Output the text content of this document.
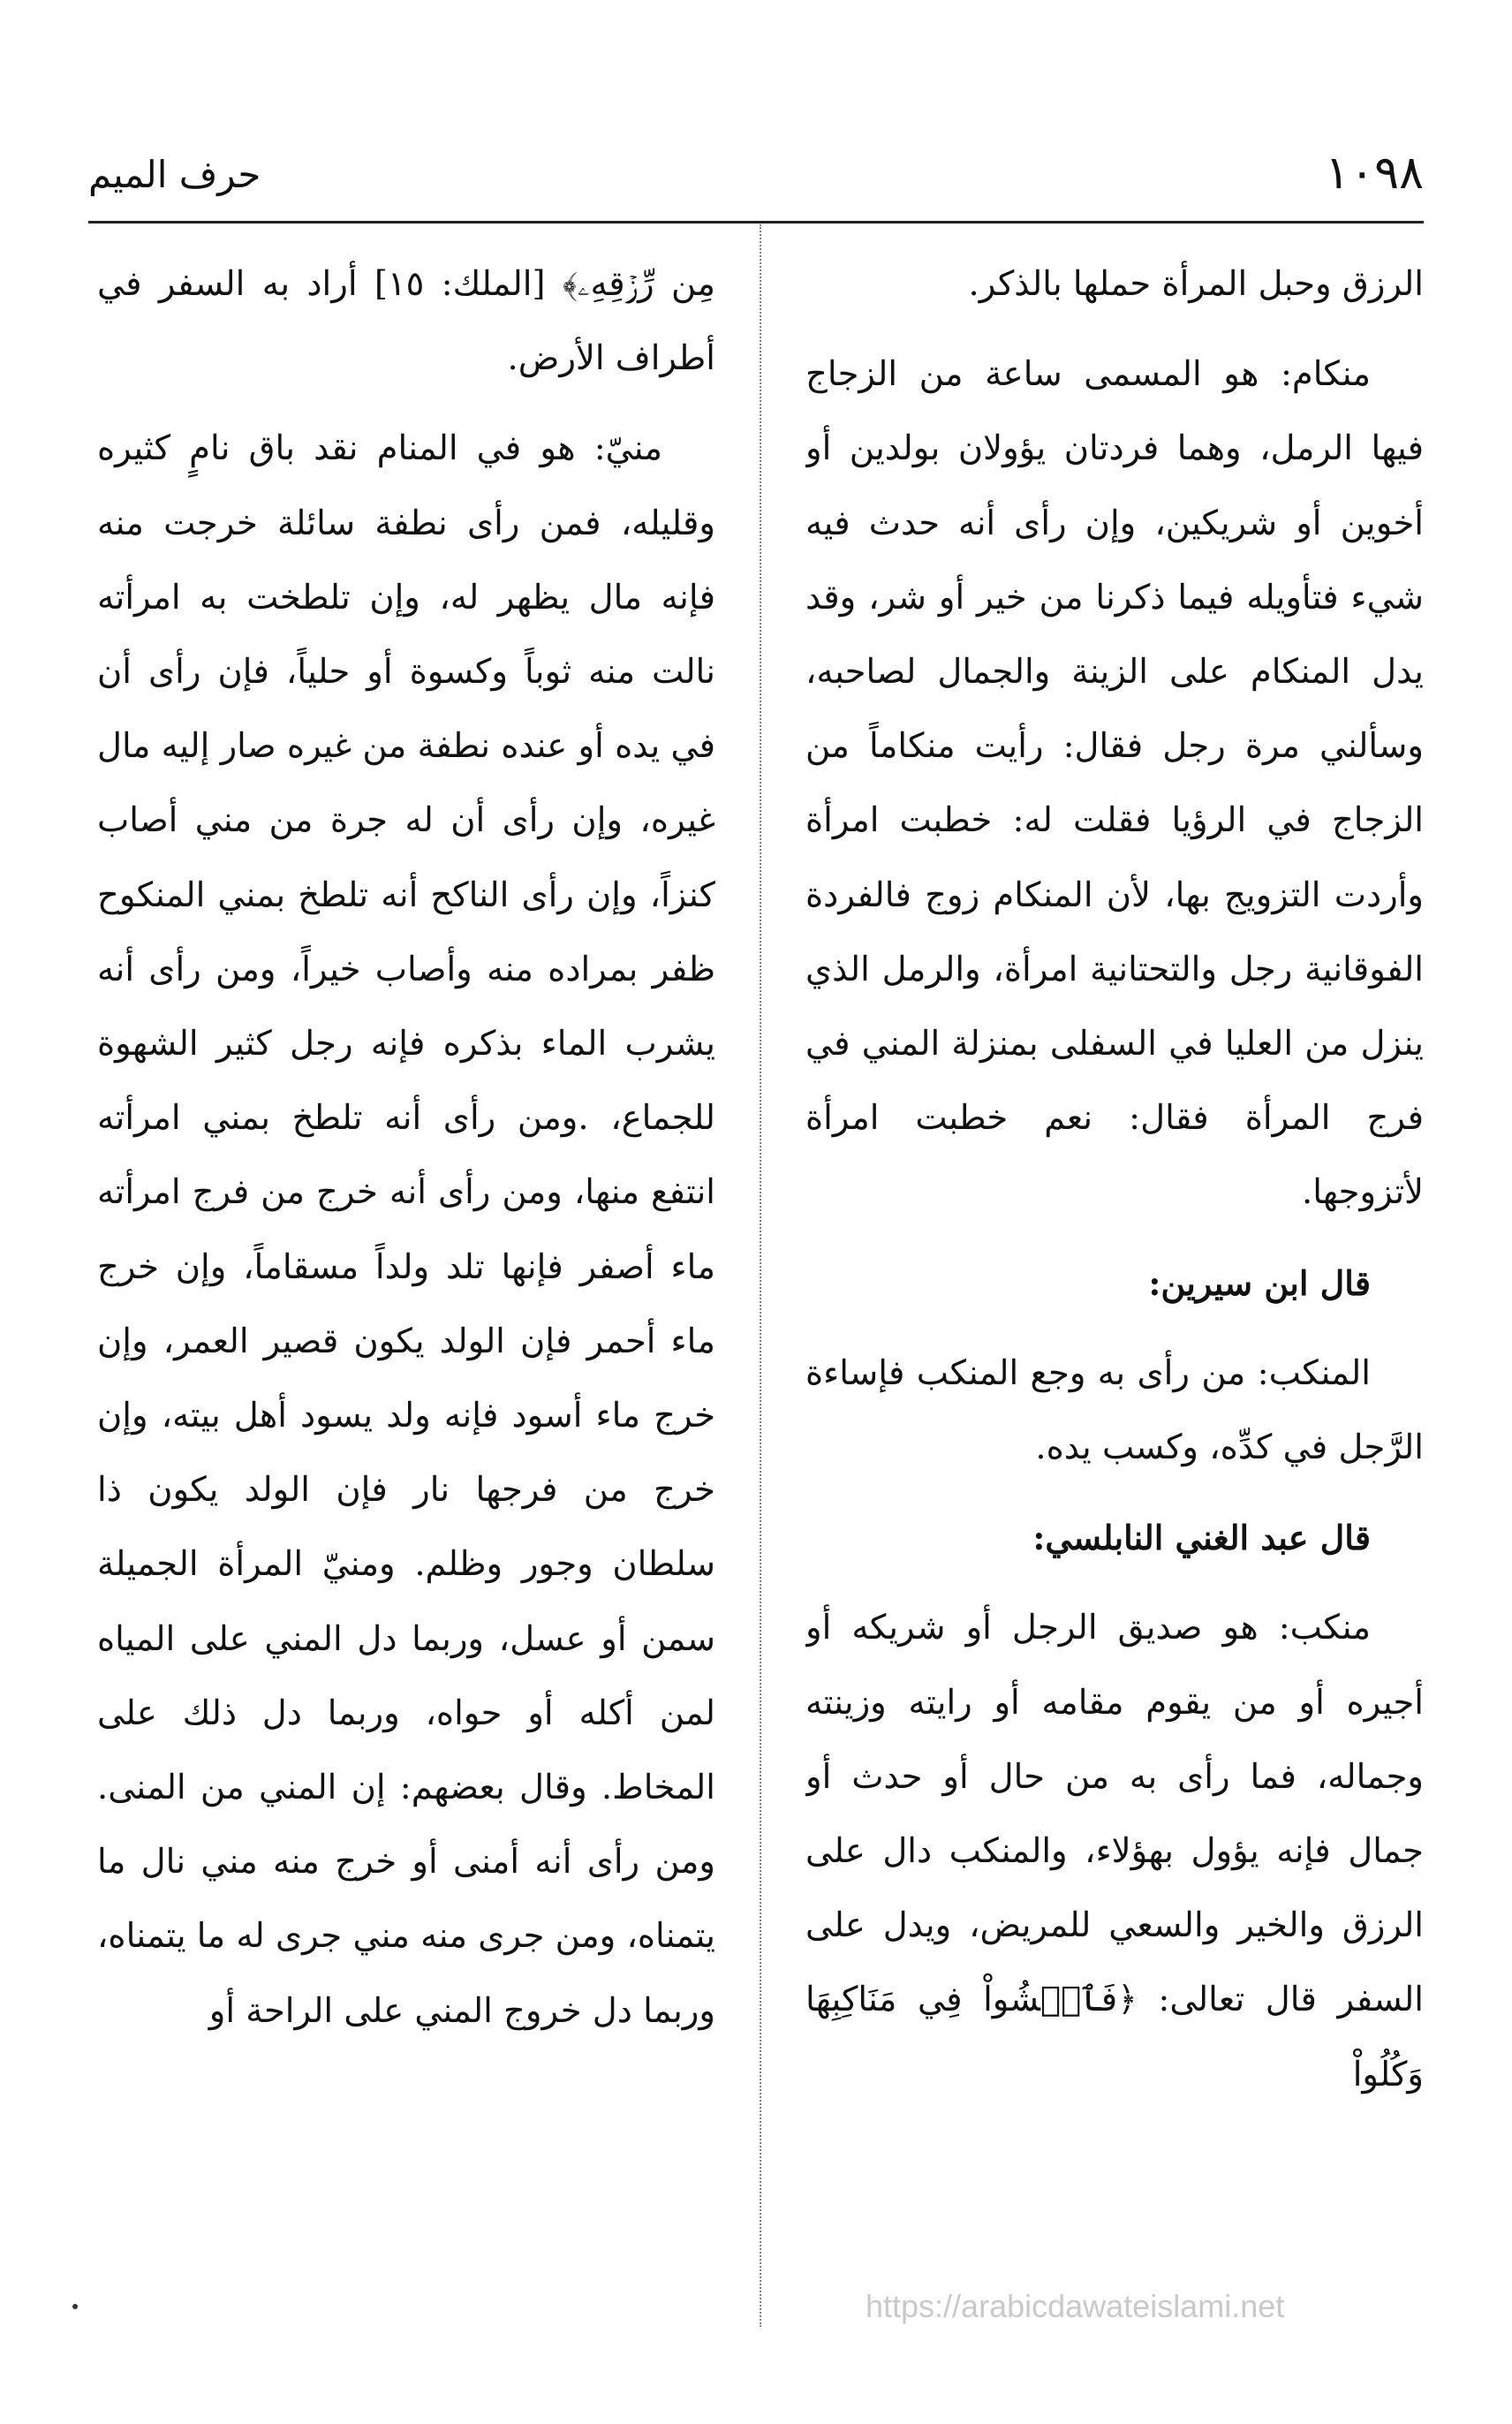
حرف الميم	١٠٩٨

الرزق وحبل المرأة حملها بالذكر.

منكام: هو المسمى ساعة من الزجاج فيها الرمل، وهما فردتان يؤولان بولدين أو أخوين أو شريكين، وإن رأى أنه حدث فيه شيء فتأويله فيما ذكرنا من خير أو شر، وقد يدل المنكام على الزينة والجمال لصاحبه، وسألني مرة رجل فقال: رأيت منكاماً من الزجاج في الرؤيا فقلت له: خطبت امرأة وأردت التزويج بها، لأن المنكام زوج فالفردة الفوقانية رجل والتحتانية امرأة، والرمل الذي ينزل من العليا في السفلى بمنزلة المني في فرج المرأة فقال: نعم خطبت امرأة لأتزوجها.

قال ابن سيرين:

المنكب: من رأى به وجع المنكب فإساءة الرَّجل في كدِّه، وكسب يده.

قال عبد الغني النابلسي:

منكب: هو صديق الرجل أو شريكه أو أجيره أو من يقوم مقامه أو رايته وزينته وجماله، فما رأى به من حال أو حدث أو جمال فإنه يؤول بهؤلاء، والمنكب دال على الرزق والخير والسعي للمريض، ويدل على السفر قال تعالى: ﴿فَٱمۡشُواْ فِي مَنَاكِبِهَا وَكُلُواْ

مِن رِّزۡقِهِۦ﴾ [الملك: ١٥] أراد به السفر في أطراف الأرض.

منيّ: هو في المنام نقد باق نامٍ كثيره وقليله، فمن رأى نطفة سائلة خرجت منه فإنه مال يظهر له، وإن تلطخت به امرأته نالت منه ثوباً وكسوة أو حلياً، فإن رأى أن في يده أو عنده نطفة من غيره صار إليه مال غيره، وإن رأى أن له جرة من مني أصاب كنزاً، وإن رأى الناكح أنه تلطخ بمني المنكوح ظفر بمراده منه وأصاب خيراً، ومن رأى أنه يشرب الماء بذكره فإنه رجل كثير الشهوة للجماع، .ومن رأى أنه تلطخ بمني امرأته انتفع منها، ومن رأى أنه خرج من فرج امرأته ماء أصفر فإنها تلد ولداً مسقاماً، وإن خرج ماء أحمر فإن الولد يكون قصير العمر، وإن خرج ماء أسود فإنه ولد يسود أهل بيته، وإن خرج من فرجها نار فإن الولد يكون ذا سلطان وجور وظلم. ومنيّ المرأة الجميلة سمن أو عسل، وربما دل المني على المياه لمن أكله أو حواه، وربما دل ذلك على المخاط. وقال بعضهم: إن المني من المنى. ومن رأى أنه أمنى أو خرج منه مني نال ما يتمناه، ومن جرى منه مني جرى له ما يتمناه، وربما دل خروج المني على الراحة أو

https://arabicdawateislami.net
